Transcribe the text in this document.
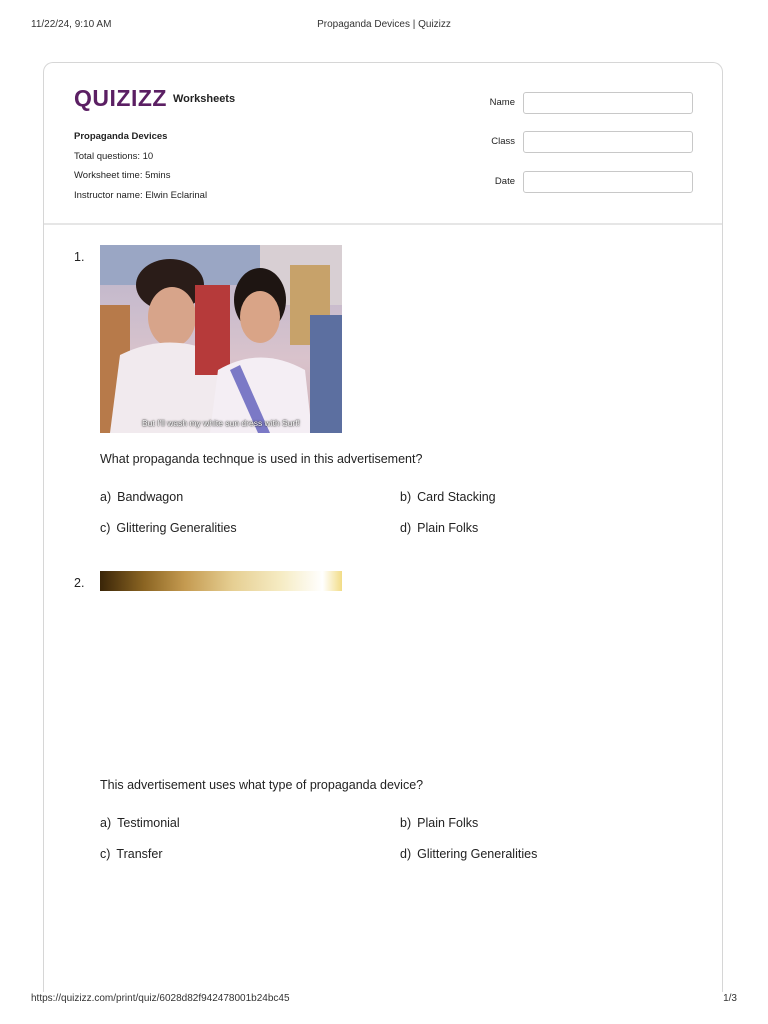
11/22/24, 9:10 AM	Propaganda Devices | Quizizz
QUIZIZZ Worksheets
Propaganda Devices
Total questions: 10
Worksheet time: 5mins
Instructor name: Elwin Eclarinal
Name
Class
Date
1.
But I'll wash my white sun dress with Surf!
What propaganda technque is used in this advertisement?
a) Bandwagon	b) Card Stacking
c) Glittering Generalities	d) Plain Folks
2.
This advertisement uses what type of propaganda device?
a) Testimonial	b) Plain Folks
c) Transfer	d) Glittering Generalities
https://quizizz.com/print/quiz/6028d82f942478001b24bc45	1/3
